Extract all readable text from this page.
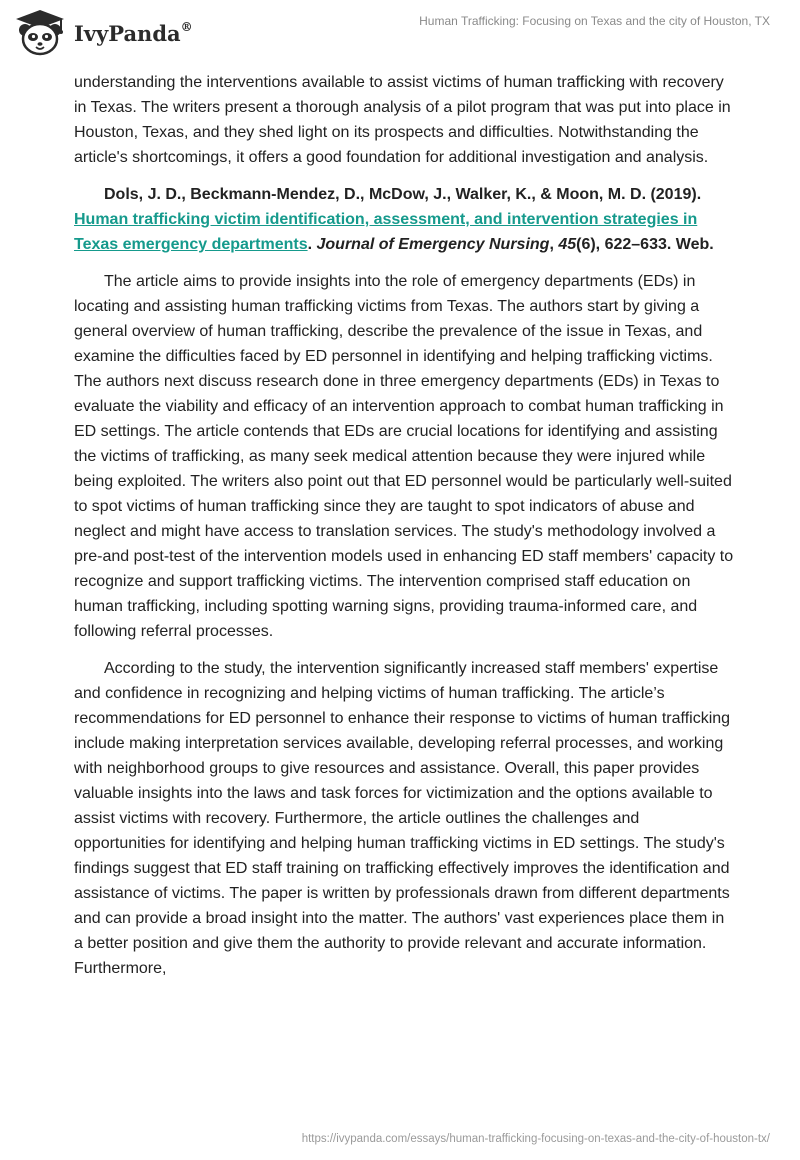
IvyPanda®	Human Trafficking: Focusing on Texas and the city of Houston, TX

understanding the interventions available to assist victims of human trafficking with recovery in Texas. The writers present a thorough analysis of a pilot program that was put into place in Houston, Texas, and they shed light on its prospects and difficulties. Notwithstanding the article's shortcomings, it offers a good foundation for additional investigation and analysis.

Dols, J. D., Beckmann-Mendez, D., McDow, J., Walker, K., & Moon, M. D. (2019). Human trafficking victim identification, assessment, and intervention strategies in Texas emergency departments. Journal of Emergency Nursing, 45(6), 622–633. Web.

The article aims to provide insights into the role of emergency departments (EDs) in locating and assisting human trafficking victims from Texas. The authors start by giving a general overview of human trafficking, describe the prevalence of the issue in Texas, and examine the difficulties faced by ED personnel in identifying and helping trafficking victims. The authors next discuss research done in three emergency departments (EDs) in Texas to evaluate the viability and efficacy of an intervention approach to combat human trafficking in ED settings. The article contends that EDs are crucial locations for identifying and assisting the victims of trafficking, as many seek medical attention because they were injured while being exploited. The writers also point out that ED personnel would be particularly well-suited to spot victims of human trafficking since they are taught to spot indicators of abuse and neglect and might have access to translation services. The study's methodology involved a pre-and post-test of the intervention models used in enhancing ED staff members' capacity to recognize and support trafficking victims. The intervention comprised staff education on human trafficking, including spotting warning signs, providing trauma-informed care, and following referral processes.

According to the study, the intervention significantly increased staff members' expertise and confidence in recognizing and helping victims of human trafficking. The article’s recommendations for ED personnel to enhance their response to victims of human trafficking include making interpretation services available, developing referral processes, and working with neighborhood groups to give resources and assistance. Overall, this paper provides valuable insights into the laws and task forces for victimization and the options available to assist victims with recovery. Furthermore, the article outlines the challenges and opportunities for identifying and helping human trafficking victims in ED settings. The study's findings suggest that ED staff training on trafficking effectively improves the identification and assistance of victims. The paper is written by professionals drawn from different departments and can provide a broad insight into the matter. The authors' vast experiences place them in a better position and give them the authority to provide relevant and accurate information. Furthermore,

https://ivypanda.com/essays/human-trafficking-focusing-on-texas-and-the-city-of-houston-tx/
